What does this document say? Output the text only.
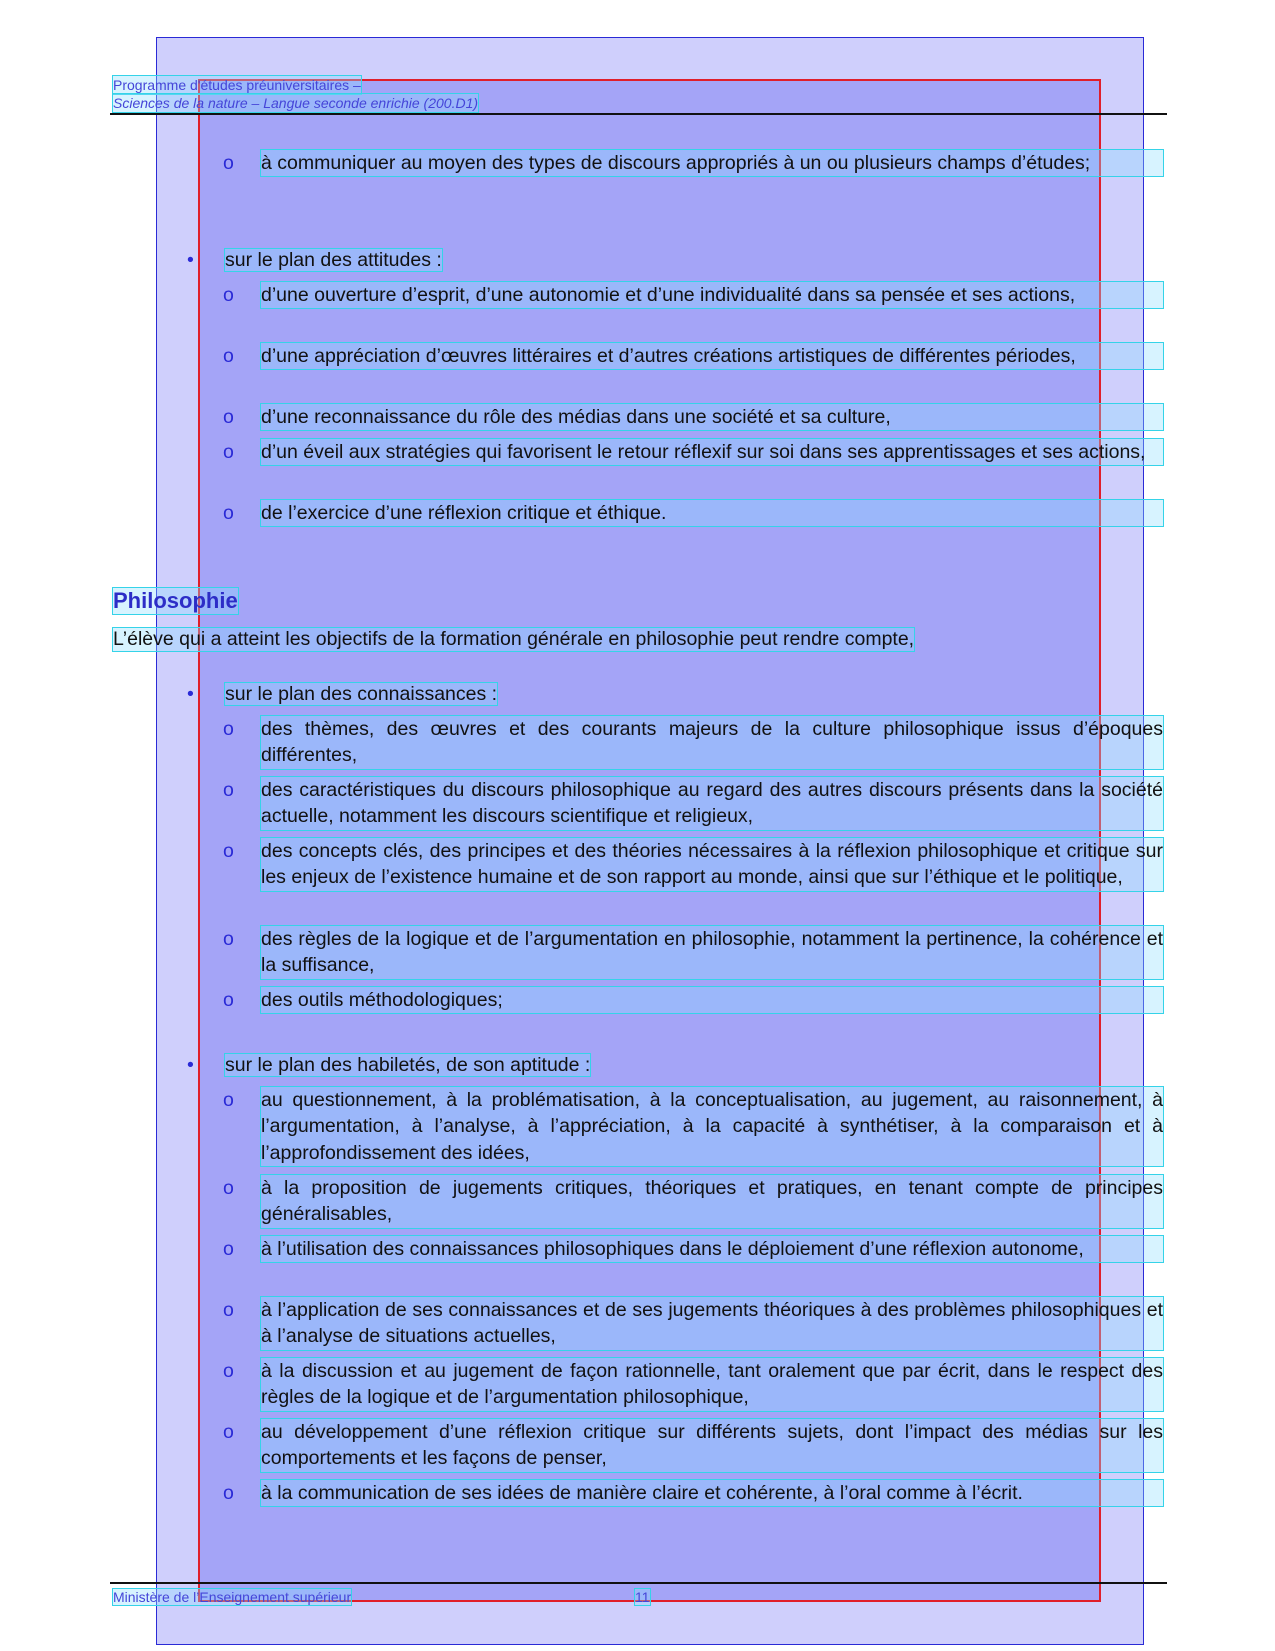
Programme d'études préuniversitaires –
Sciences de la nature – Langue seconde enrichie (200.D1)
o à communiquer au moyen des types de discours appropriés à un ou plusieurs champs d’études;
• sur le plan des attitudes :
o d’une ouverture d’esprit, d’une autonomie et d’une individualité dans sa pensée et ses actions,
o d’une appréciation d’œuvres littéraires et d’autres créations artistiques de différentes périodes,
o d’une reconnaissance du rôle des médias dans une société et sa culture,
o d’un éveil aux stratégies qui favorisent le retour réflexif sur soi dans ses apprentissages et ses actions,
o de l’exercice d’une réflexion critique et éthique.
Philosophie
L’élève qui a atteint les objectifs de la formation générale en philosophie peut rendre compte,
• sur le plan des connaissances :
o des thèmes, des œuvres et des courants majeurs de la culture philosophique issus d’époques différentes,
o des caractéristiques du discours philosophique au regard des autres discours présents dans la société actuelle, notamment les discours scientifique et religieux,
o des concepts clés, des principes et des théories nécessaires à la réflexion philosophique et critique sur les enjeux de l’existence humaine et de son rapport au monde, ainsi que sur l’éthique et le politique,
o des règles de la logique et de l’argumentation en philosophie, notamment la pertinence, la cohérence et la suffisance,
o des outils méthodologiques;
• sur le plan des habiletés, de son aptitude :
o au questionnement, à la problématisation, à la conceptualisation, au jugement, au raisonnement, à l’argumentation, à l’analyse, à l’appréciation, à la capacité à synthétiser, à la comparaison et à l’approfondissement des idées,
o à la proposition de jugements critiques, théoriques et pratiques, en tenant compte de principes généralisables,
o à l’utilisation des connaissances philosophiques dans le déploiement d’une réflexion autonome,
o à l’application de ses connaissances et de ses jugements théoriques à des problèmes philosophiques et à l’analyse de situations actuelles,
o à la discussion et au jugement de façon rationnelle, tant oralement que par écrit, dans le respect des règles de la logique et de l’argumentation philosophique,
o au développement d’une réflexion critique sur différents sujets, dont l’impact des médias sur les comportements et les façons de penser,
o à la communication de ses idées de manière claire et cohérente, à l’oral comme à l’écrit.
Ministère de l’Enseignement supérieur	11
